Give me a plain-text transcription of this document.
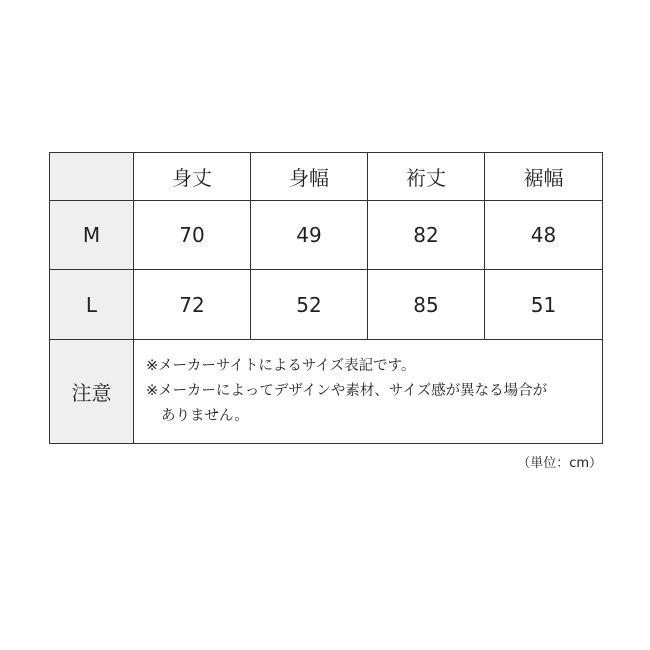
	身丈	身幅	裄丈	裾幅
M	70	49	82	48
L	72	52	85	51
注意	※メーカーサイトによるサイズ表記です。
※メーカーによってデザインや素材、サイズ感が異なる場合が
ありません。			
（単位：cm）
